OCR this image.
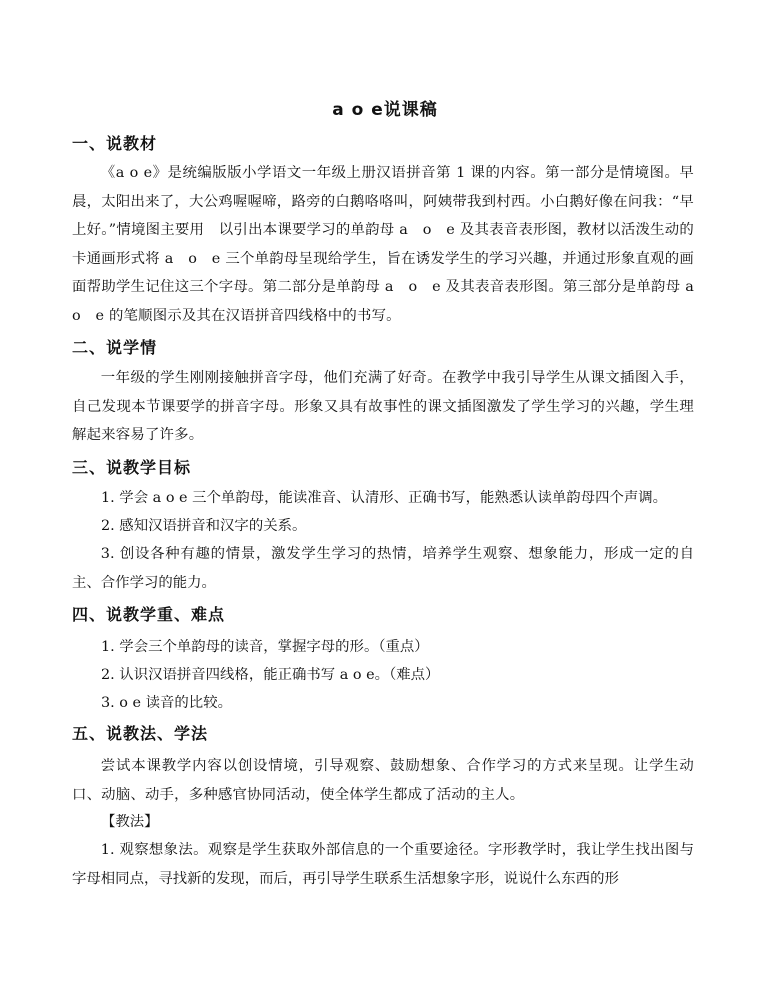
a o e说课稿
一、说教材
《a o e》是统编版版小学语文一年级上册汉语拼音第 1 课的内容。第一部分是情境图。早晨，太阳出来了，大公鸡喔喔啼，路旁的白鹅咯咯叫，阿姨带我到村西。小白鹅好像在问我：“早上好。”情境图主要用　以引出本课要学习的单韵母 a　o　e 及其表音表形图，教材以活泼生动的卡通画形式将 a　o　e 三个单韵母呈现给学生，旨在诱发学生的学习兴趣，并通过形象直观的画面帮助学生记住这三个字母。第二部分是单韵母 a　o　e 及其表音表形图。第三部分是单韵母 a　o　e 的笔顺图示及其在汉语拼音四线格中的书写。
二、说学情
一年级的学生刚刚接触拼音字母，他们充满了好奇。在教学中我引导学生从课文插图入手，自己发现本节课要学的拼音字母。形象又具有故事性的课文插图激发了学生学习的兴趣，学生理解起来容易了许多。
三、说教学目标
1. 学会 a o e 三个单韵母，能读准音、认清形、正确书写，能熟悉认读单韵母四个声调。
2. 感知汉语拼音和汉字的关系。
3. 创设各种有趣的情景，激发学生学习的热情，培养学生观察、想象能力，形成一定的自主、合作学习的能力。
四、说教学重、难点
1. 学会三个单韵母的读音，掌握字母的形。（重点）
2. 认识汉语拼音四线格，能正确书写 a o e。（难点）
3. o e 读音的比较。
五、说教法、学法
尝试本课教学内容以创设情境，引导观察、鼓励想象、合作学习的方式来呈现。让学生动口、动脑、动手，多种感官协同活动，使全体学生都成了活动的主人。
【教法】
1. 观察想象法。观察是学生获取外部信息的一个重要途径。字形教学时，我让学生找出图与字母相同点，寻找新的发现，而后，再引导学生联系生活想象字形，说说什么东西的形
